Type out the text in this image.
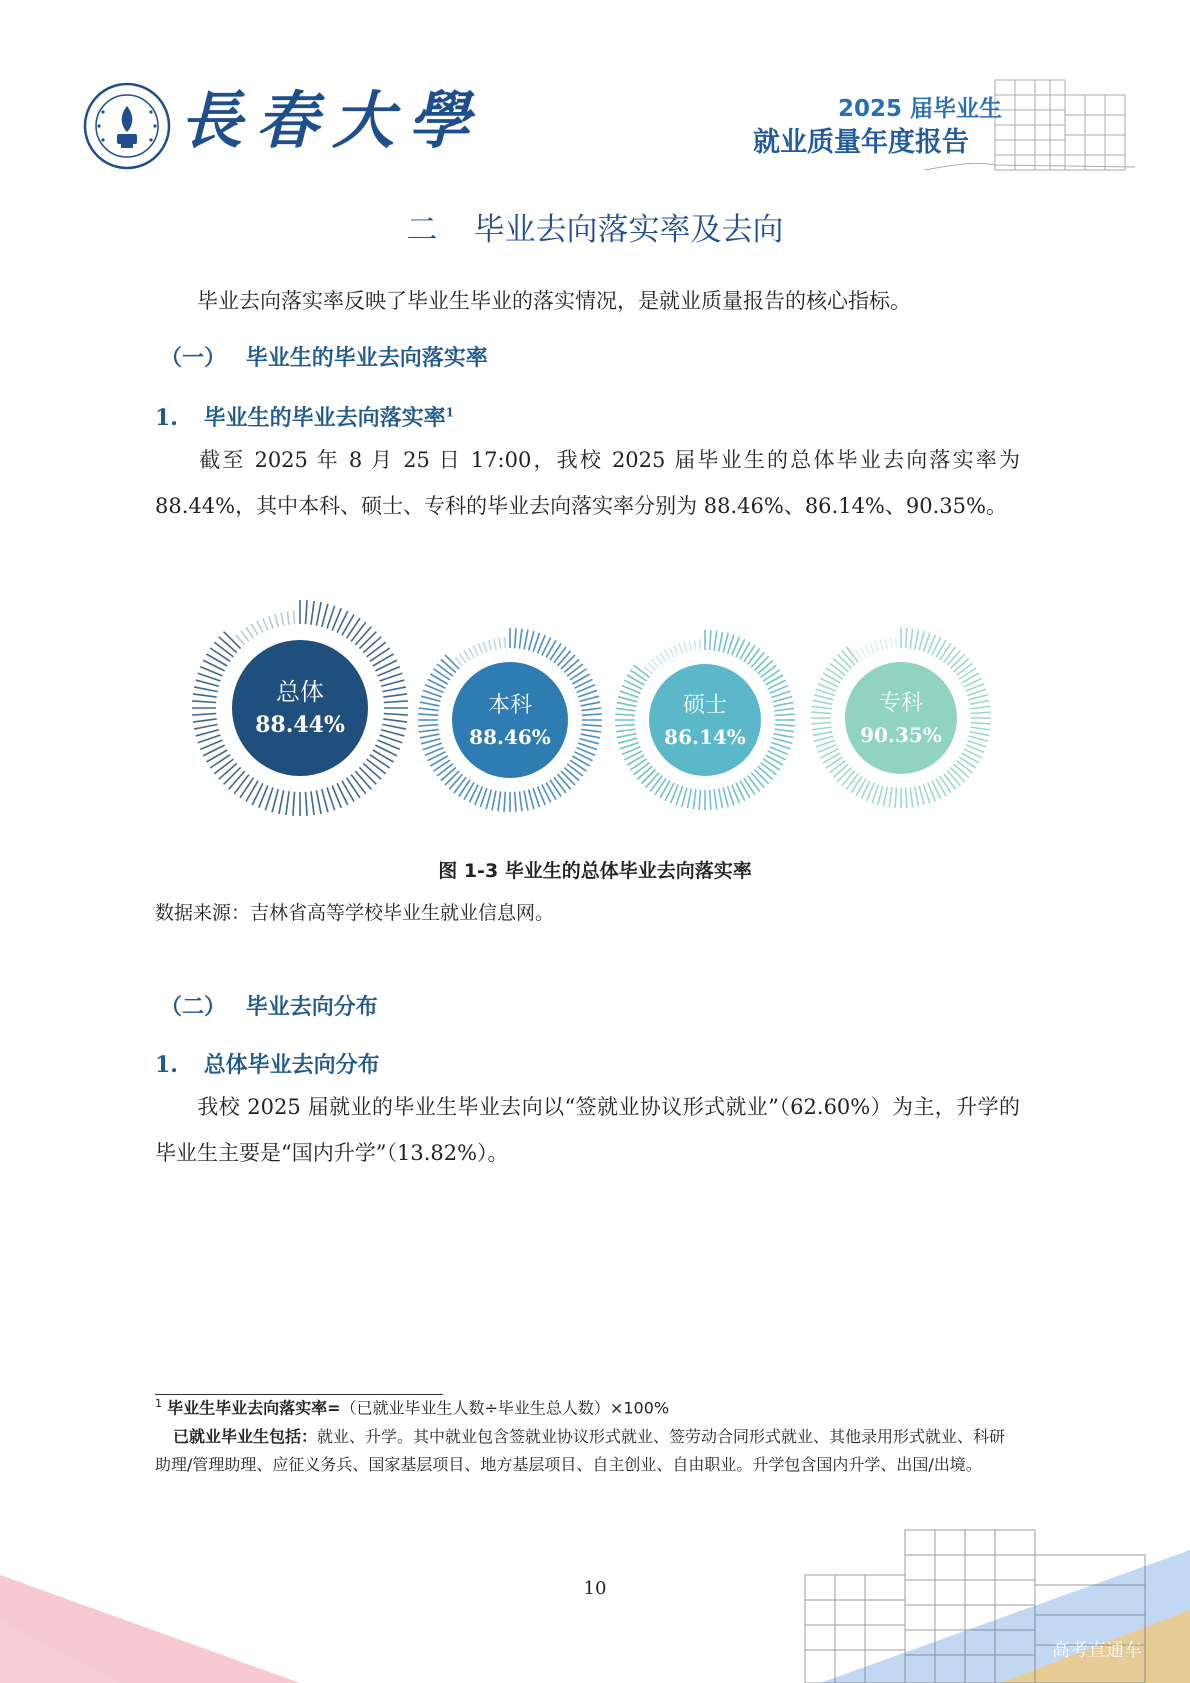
長春大學	2025 届毕业生
就业质量年度报告
二 毕业去向落实率及去向
毕业去向落实率反映了毕业生毕业的落实情况，是就业质量报告的核心指标。
（一） 毕业生的毕业去向落实率
1. 毕业生的毕业去向落实率$^1$
截至 2025 年 8 月 25 日 17:00，我校 2025 届毕业生的总体毕业去向落实率为 88.44%，其中本科、硕士、专科的毕业去向落实率分别为 88.46%、86.14%、90.35%。
总体
88.44%
本科
88.46%
硕士
86.14%
专科
90.35%
图 1-3 毕业生的总体毕业去向落实率
数据来源：吉林省高等学校毕业生就业信息网。
（二） 毕业去向分布
1. 总体毕业去向分布
我校 2025 届就业的毕业生毕业去向以“签就业协议形式就业”（62.60%）为主，升学的毕业生主要是“国内升学”（13.82%）。
$^1$ 毕业生毕业去向落实率=（已就业毕业生人数÷毕业生总人数）×100%
已就业毕业生包括：就业、升学。其中就业包含签就业协议形式就业、签劳动合同形式就业、其他录用形式就业、科研助理/管理助理、应征义务兵、国家基层项目、地方基层项目、自主创业、自由职业。升学包含国内升学、出国/出境。
10
高考直通车
